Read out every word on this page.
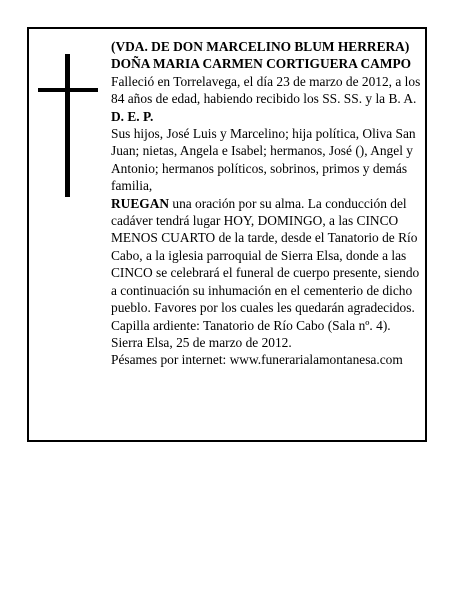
(VDA. DE DON MARCELINO BLUM HERRERA)

DOÑA MARIA CARMEN CORTIGUERA CAMPO

Falleció en Torrelavega, el día 23 de marzo de 2012, a los 84 años de edad, habiendo recibido los SS. SS. y la B. A.

D. E. P.

Sus hijos, José Luis y Marcelino; hija política, Oliva San Juan; nietas, Angela e Isabel; hermanos, José (), Angel y Antonio; hermanos políticos, sobrinos, primos y demás familia,

RUEGAN una oración por su alma. La conducción del cadáver tendrá lugar HOY, DOMINGO, a las CINCO MENOS CUARTO de la tarde, desde el Tanatorio de Río Cabo, a la iglesia parroquial de Sierra Elsa, donde a las CINCO se celebrará el funeral de cuerpo presente, siendo a continuación su inhumación en el cementerio de dicho pueblo. Favores por los cuales les quedarán agradecidos. Capilla ardiente: Tanatorio de Río Cabo (Sala nº. 4).

Sierra Elsa, 25 de marzo de 2012.

Pésames por internet: www.funerarialamontanesa.com
